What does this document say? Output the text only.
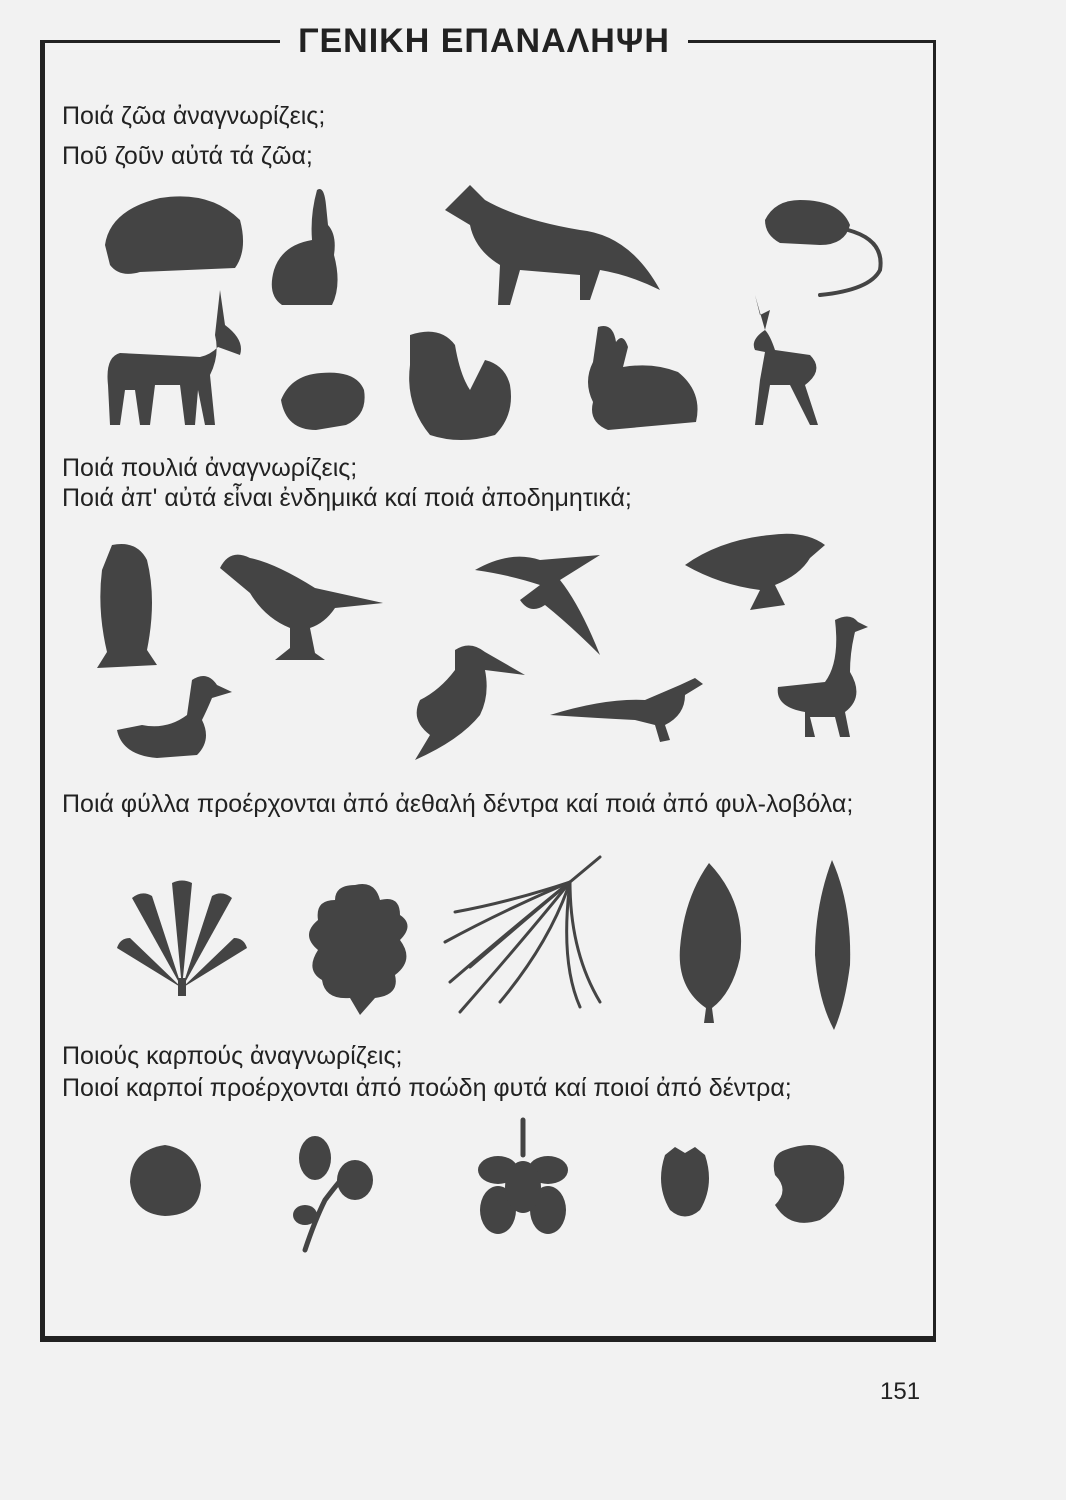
ΓΕΝΙΚΗ ΕΠΑΝΑΛΗΨΗ
Ποιά ζῶα ἀναγνωρίζεις;
Ποῦ ζοῦν αὐτά τά ζῶα;
Ποιά πουλιά ἀναγνωρίζεις;
Ποιά ἀπ' αὐτά εἶναι ἐνδημικά καί ποιά ἀποδημητικά;
Ποιά φύλλα προέρχονται ἀπό ἀεθαλή δέντρα καί ποιά ἀπό φυλ-λοβόλα;
Ποιούς καρπούς ἀναγνωρίζεις;
Ποιοί καρποί προέρχονται ἀπό ποώδη φυτά καί ποιοί ἀπό δέντρα;
151
